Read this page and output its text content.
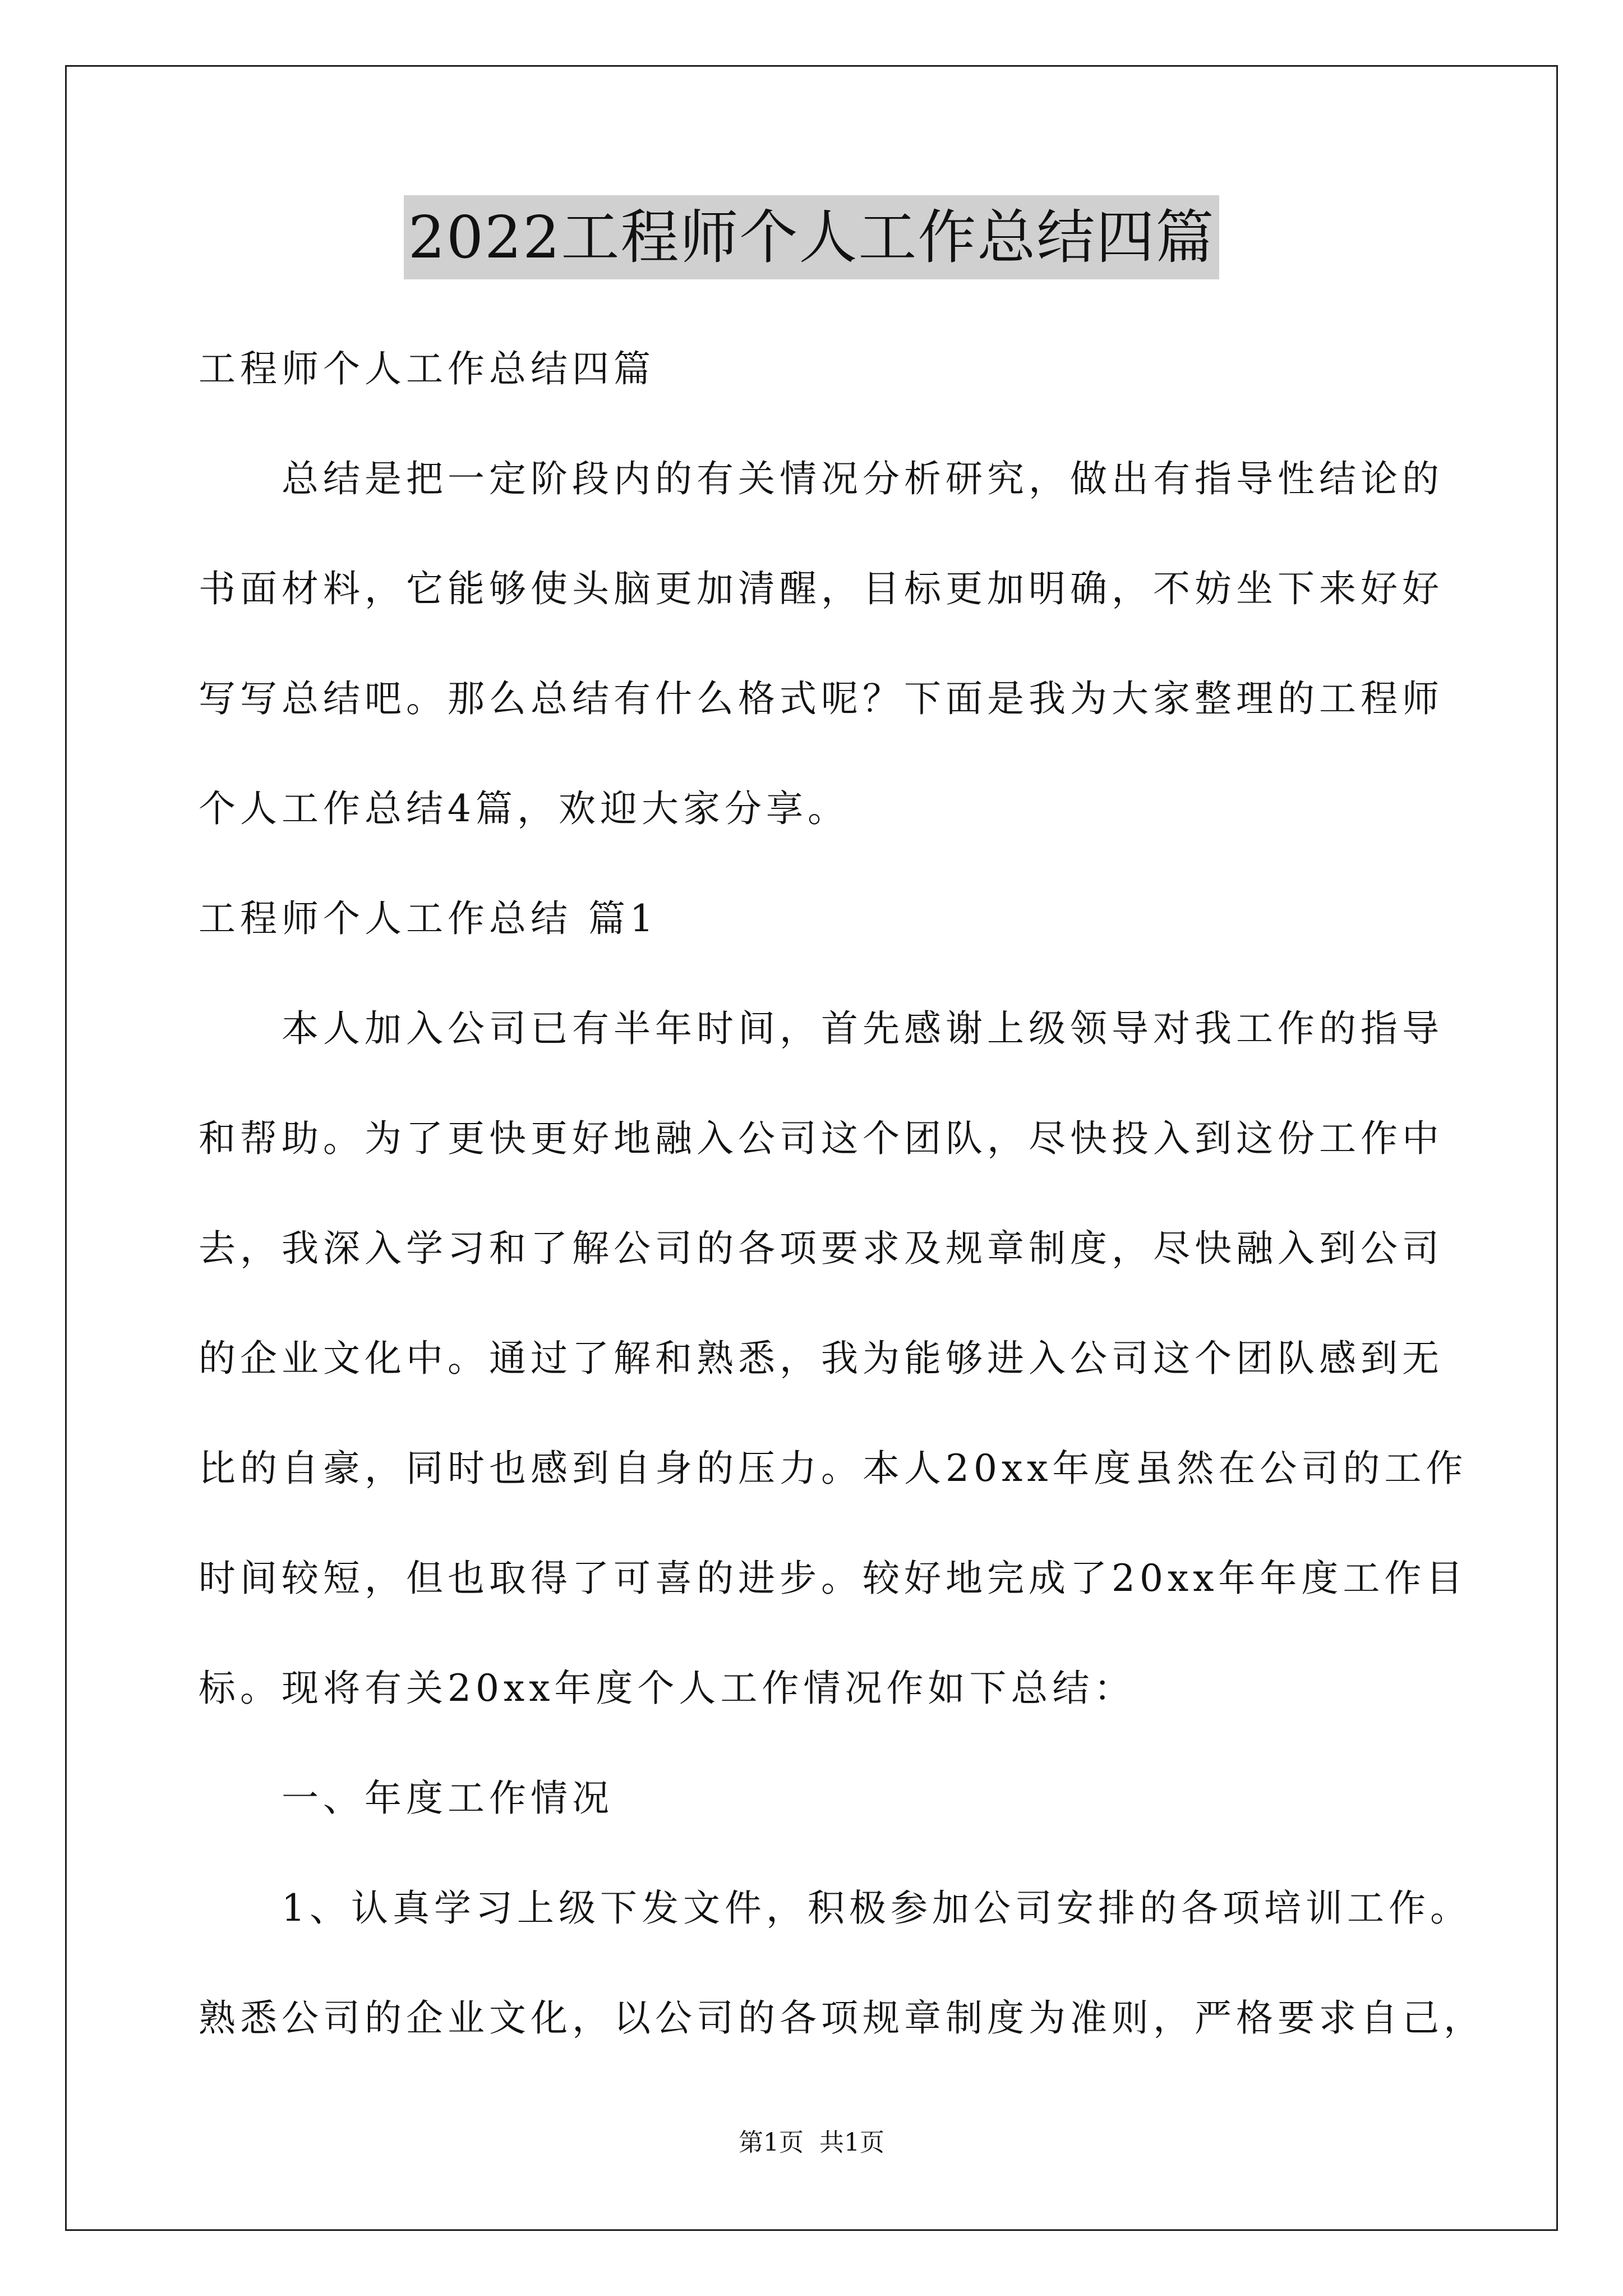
2022工程师个人工作总结四篇
工程师个人工作总结四篇
总结是把一定阶段内的有关情况分析研究，做出有指导性结论的
书面材料，它能够使头脑更加清醒，目标更加明确，不妨坐下来好好
写写总结吧。那么总结有什么格式呢？下面是我为大家整理的工程师
个人工作总结4篇，欢迎大家分享。
工程师个人工作总结 篇1
本人加入公司已有半年时间，首先感谢上级领导对我工作的指导
和帮助。为了更快更好地融入公司这个团队，尽快投入到这份工作中
去，我深入学习和了解公司的各项要求及规章制度，尽快融入到公司
的企业文化中。通过了解和熟悉，我为能够进入公司这个团队感到无
比的自豪，同时也感到自身的压力。本人20xx年度虽然在公司的工作
时间较短，但也取得了可喜的进步。较好地完成了20xx年年度工作目
标。现将有关20xx年度个人工作情况作如下总结：
一、年度工作情况
1、认真学习上级下发文件，积极参加公司安排的各项培训工作。
熟悉公司的企业文化，以公司的各项规章制度为准则，严格要求自己，
第1页 共1页
